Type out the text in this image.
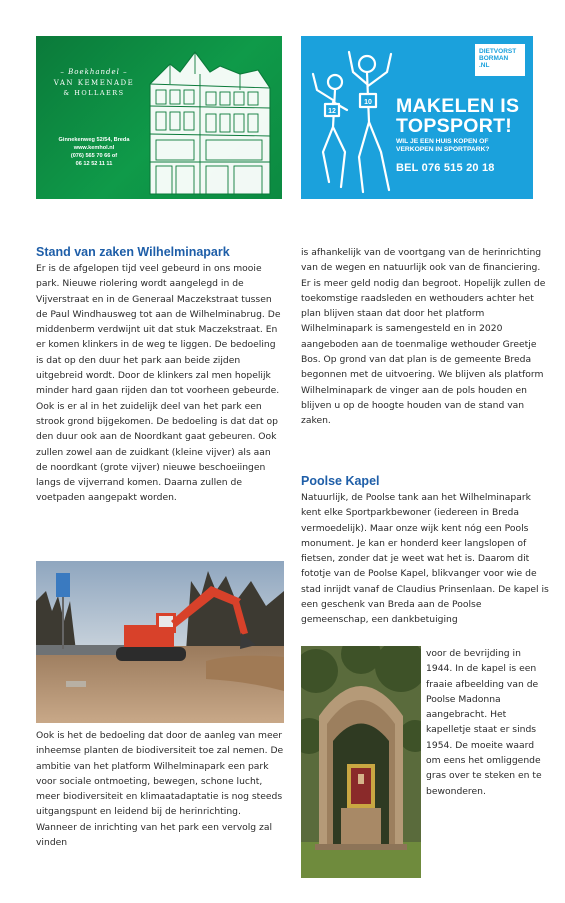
– Boekhandel –
VAN KEMENADE
& HOLLAERS
Ginnekenweg 52/54, Breda
www.kemhol.nl
(076) 565 70 66 of
06 12 52 11 11
12
10
DIETVORST
BORMAN
.NL
MAKELEN IS
TOPSPORT!
WIL JE EEN HUIS KOPEN OF
VERKOPEN IN SPORTPARK?
BEL 076 515 20 18
Stand van zaken Wilhelminapark

Er is de afgelopen tijd veel gebeurd in ons mooie park. Nieuwe riolering wordt aangelegd in de Vijverstraat en in de Generaal Maczekstraat tussen de Paul Windhausweg tot aan de Wilhelminabrug. De middenberm verdwijnt uit dat stuk Maczekstraat. En er komen klinkers in de weg te liggen. De bedoeling is dat op den duur het park aan beide zijden uitgebreid wordt. Door de klinkers zal men hopelijk minder hard gaan rijden dan tot voorheen gebeurde. Ook is er al in het zuidelijk deel van het park een strook grond bijgekomen. De bedoeling is dat dat op den duur ook aan de Noordkant gaat gebeuren. Ook zullen zowel aan de zuidkant (kleine vijver) als aan de noordkant (grote vijver) nieuwe beschoeiingen langs de vijverrand komen. Daarna zullen de voetpaden aangepakt worden.

Ook is het de bedoeling dat door de aanleg van meer inheemse planten de biodiversiteit toe zal nemen. De ambitie van het platform Wilhelminapark een park voor sociale ontmoeting, bewegen, schone lucht, meer biodiversiteit en klimaatadaptatie is nog steeds uitgangspunt en leidend bij de herinrichting. Wanneer de inrichting van het park een vervolg zal vinden

is afhankelijk van de voortgang van de herinrichting van de wegen en natuurlijk ook van de financiering. Er is meer geld nodig dan begroot. Hopelijk zullen de toekomstige raadsleden en wethouders achter het plan blijven staan dat door het platform Wilhelminapark is samengesteld en in 2020 aangeboden aan de toenmalige wethouder Greetje Bos. Op grond van dat plan is de gemeente Breda begonnen met de uitvoering. We blijven als platform Wilhelminapark de vinger aan de pols houden en blijven u op de hoogte houden van de stand van zaken.

Poolse Kapel

Natuurlijk, de Poolse tank aan het Wilhelminapark kent elke Sportparkbewoner (iedereen in Breda vermoedelijk). Maar onze wijk kent nóg een Pools monument. Je kan er honderd keer langslopen of fietsen, zonder dat je weet wat het is. Daarom dit fototje van de Poolse Kapel, blikvanger voor wie de stad inrijdt vanaf de Claudius Prinsenlaan. De kapel is een geschenk van Breda aan de Poolse gemeenschap, een dankbetuiging

voor de bevrijding in 1944. In de kapel is een fraaie afbeelding van de Poolse Madonna aangebracht. Het kapelletje staat er sinds 1954. De moeite waard om eens het omliggende gras over te steken en te bewonderen.
